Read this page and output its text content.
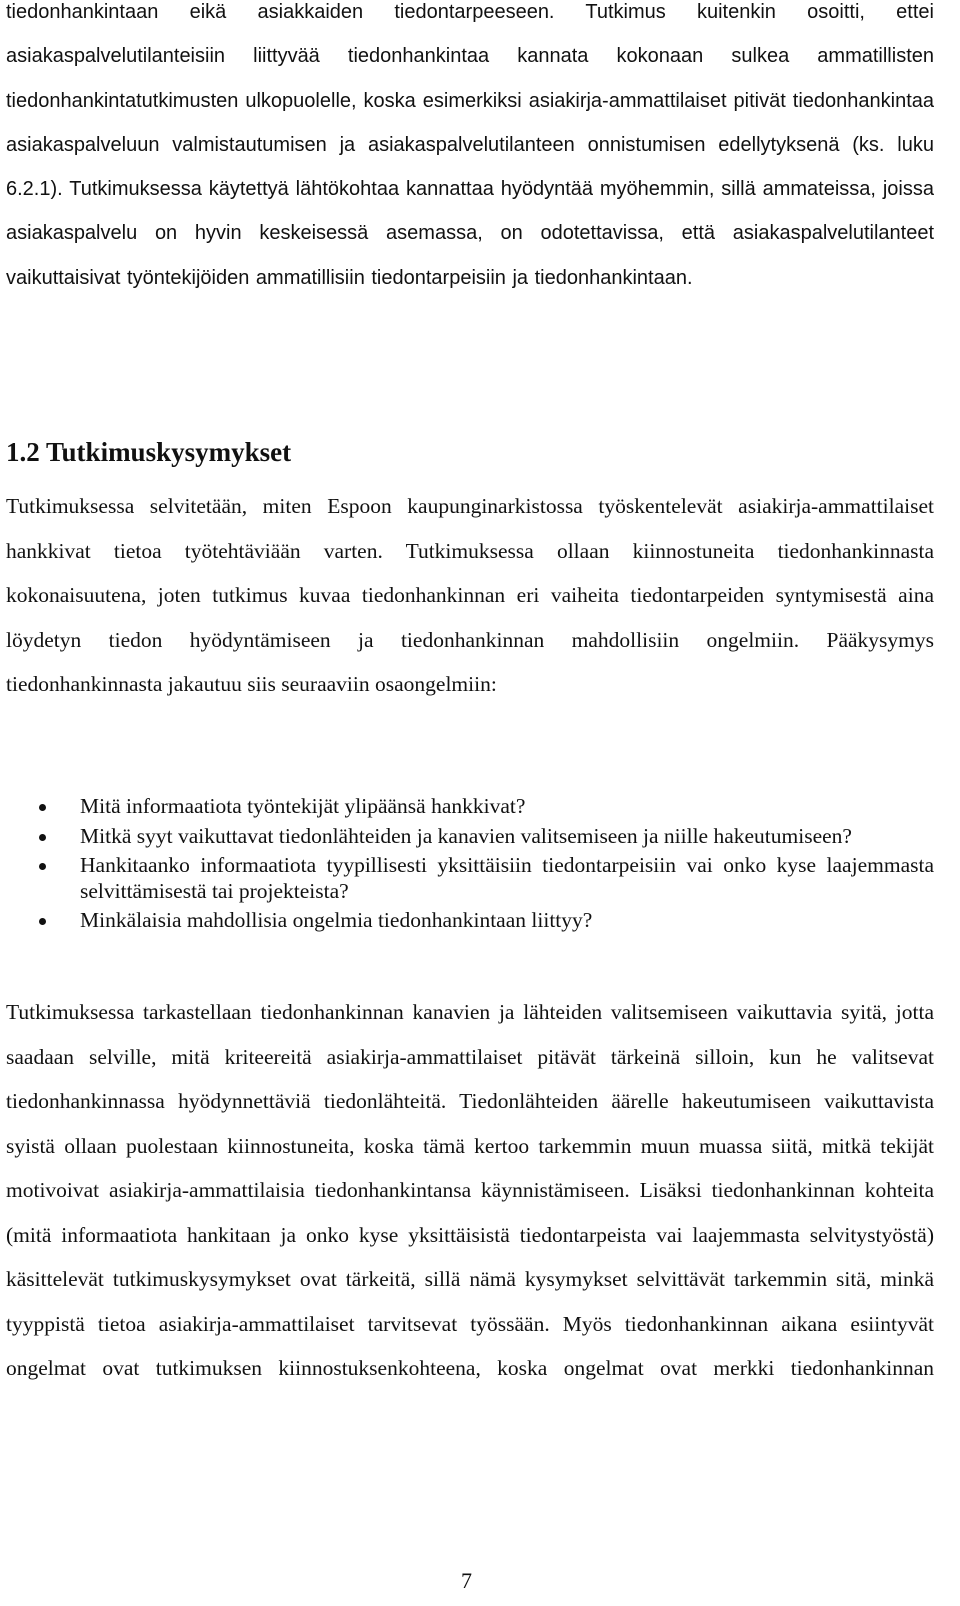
tiedonhankintaan eikä asiakkaiden tiedontarpeeseen. Tutkimus kuitenkin osoitti, ettei asiakaspalvelutilanteisiin liittyvää tiedonhankintaa kannata kokonaan sulkea ammatillisten tiedonhankintatutkimusten ulkopuolelle, koska esimerkiksi asiakirja-ammattilaiset pitivät tiedonhankintaa asiakaspalveluun valmistautumisen ja asiakaspalvelutilanteen onnistumisen edellytyksenä (ks. luku 6.2.1). Tutkimuksessa käytettyä lähtökohtaa kannattaa hyödyntää myöhemmin, sillä ammateissa, joissa asiakaspalvelu on hyvin keskeisessä asemassa, on odotettavissa, että asiakaspalvelutilanteet vaikuttaisivat työntekijöiden ammatillisiin tiedontarpeisiin ja tiedonhankintaan.

1.2 Tutkimuskysymykset

Tutkimuksessa selvitetään, miten Espoon kaupunginarkistossa työskentelevät asiakirja-ammattilaiset hankkivat tietoa työtehtäviään varten. Tutkimuksessa ollaan kiinnostuneita tiedonhankinnasta kokonaisuutena, joten tutkimus kuvaa tiedonhankinnan eri vaiheita tiedontarpeiden syntymisestä aina löydetyn tiedon hyödyntämiseen ja tiedonhankinnan mahdollisiin ongelmiin. Pääkysymys tiedonhankinnasta jakautuu siis seuraaviin osaongelmiin:

Mitä informaatiota työntekijät ylipäänsä hankkivat?
Mitkä syyt vaikuttavat tiedonlähteiden ja kanavien valitsemiseen ja niille hakeutumiseen?
Hankitaanko informaatiota tyypillisesti yksittäisiin tiedontarpeisiin vai onko kyse laajemmasta selvittämisestä tai projekteista?
Minkälaisia mahdollisia ongelmia tiedonhankintaan liittyy?

Tutkimuksessa tarkastellaan tiedonhankinnan kanavien ja lähteiden valitsemiseen vaikuttavia syitä, jotta saadaan selville, mitä kriteereitä asiakirja-ammattilaiset pitävät tärkeinä silloin, kun he valitsevat tiedonhankinnassa hyödynnettäviä tiedonlähteitä. Tiedonlähteiden äärelle hakeutumiseen vaikuttavista syistä ollaan puolestaan kiinnostuneita, koska tämä kertoo tarkemmin muun muassa siitä, mitkä tekijät motivoivat asiakirja-ammattilaisia tiedonhankintansa käynnistämiseen. Lisäksi tiedonhankinnan kohteita (mitä informaatiota hankitaan ja onko kyse yksittäisistä tiedontarpeista vai laajemmasta selvitystyöstä) käsittelevät tutkimuskysymykset ovat tärkeitä, sillä nämä kysymykset selvittävät tarkemmin sitä, minkä tyyppistä tietoa asiakirja-ammattilaiset tarvitsevat työssään. Myös tiedonhankinnan aikana esiintyvät ongelmat ovat tutkimuksen kiinnostuksenkohteena, koska ongelmat ovat merkki tiedonhankinnan

7
